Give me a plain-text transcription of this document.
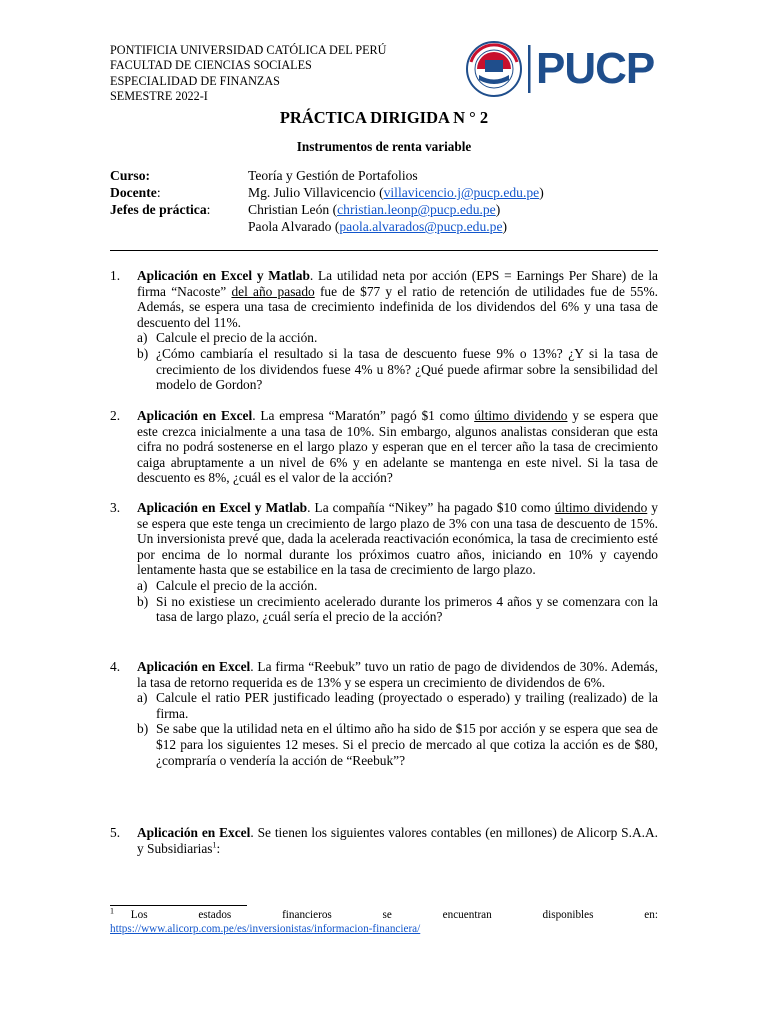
PONTIFICIA UNIVERSIDAD CATÓLICA DEL PERÚ
FACULTAD DE CIENCIAS SOCIALES
ESPECIALIDAD DE FINANZAS
SEMESTRE 2022-I
PUCP
PRÁCTICA DIRIGIDA N ° 2
Instrumentos de renta variable
Curso:	Teoría y Gestión de Portafolios
Docente:	Mg. Julio Villavicencio (villavicencio.j@pucp.edu.pe)
Jefes de práctica:	Christian León (christian.leonp@pucp.edu.pe)
Paola Alvarado (paola.alvarados@pucp.edu.pe)
1. Aplicación en Excel y Matlab. La utilidad neta por acción (EPS = Earnings Per Share) de la firma “Nacoste” del año pasado fue de $77 y el ratio de retención de utilidades fue de 55%. Además, se espera una tasa de crecimiento indefinida de los dividendos del 6% y una tasa de descuento del 11%.
a) Calcule el precio de la acción.
b) ¿Cómo cambiaría el resultado si la tasa de descuento fuese 9% o 13%? ¿Y si la tasa de crecimiento de los dividendos fuese 4% u 8%? ¿Qué puede afirmar sobre la sensibilidad del modelo de Gordon?
2. Aplicación en Excel. La empresa “Maratón” pagó $1 como último dividendo y se espera que este crezca inicialmente a una tasa de 10%. Sin embargo, algunos analistas consideran que esta cifra no podrá sostenerse en el largo plazo y esperan que en el tercer año la tasa de crecimiento caiga abruptamente a un nivel de 6% y en adelante se mantenga en este nivel. Si la tasa de descuento es 8%, ¿cuál es el valor de la acción?
3. Aplicación en Excel y Matlab. La compañía “Nikey” ha pagado $10 como último dividendo y se espera que este tenga un crecimiento de largo plazo de 3% con una tasa de descuento de 15%. Un inversionista prevé que, dada la acelerada reactivación económica, la tasa de crecimiento esté por encima de lo normal durante los próximos cuatro años, iniciando en 10% y cayendo lentamente hasta que se estabilice en la tasa de crecimiento de largo plazo.
a) Calcule el precio de la acción.
b) Si no existiese un crecimiento acelerado durante los primeros 4 años y se comenzara con la tasa de largo plazo, ¿cuál sería el precio de la acción?
4. Aplicación en Excel. La firma “Reebuk” tuvo un ratio de pago de dividendos de 30%. Además, la tasa de retorno requerida es de 13% y se espera un crecimiento de dividendos de 6%.
a) Calcule el ratio PER justificado leading (proyectado o esperado) y trailing (realizado) de la firma.
b) Se sabe que la utilidad neta en el último año ha sido de $15 por acción y se espera que sea de $12 para los siguientes 12 meses. Si el precio de mercado al que cotiza la acción es de $80, ¿compraría o vendería la acción de “Reebuk”?
5. Aplicación en Excel. Se tienen los siguientes valores contables (en millones) de Alicorp S.A.A. y Subsidiarias$^1$:
$^1$ Los	estados	financieros	se	encuentran	disponibles	en:
https://www.alicorp.com.pe/es/inversionistas/informacion-financiera/
